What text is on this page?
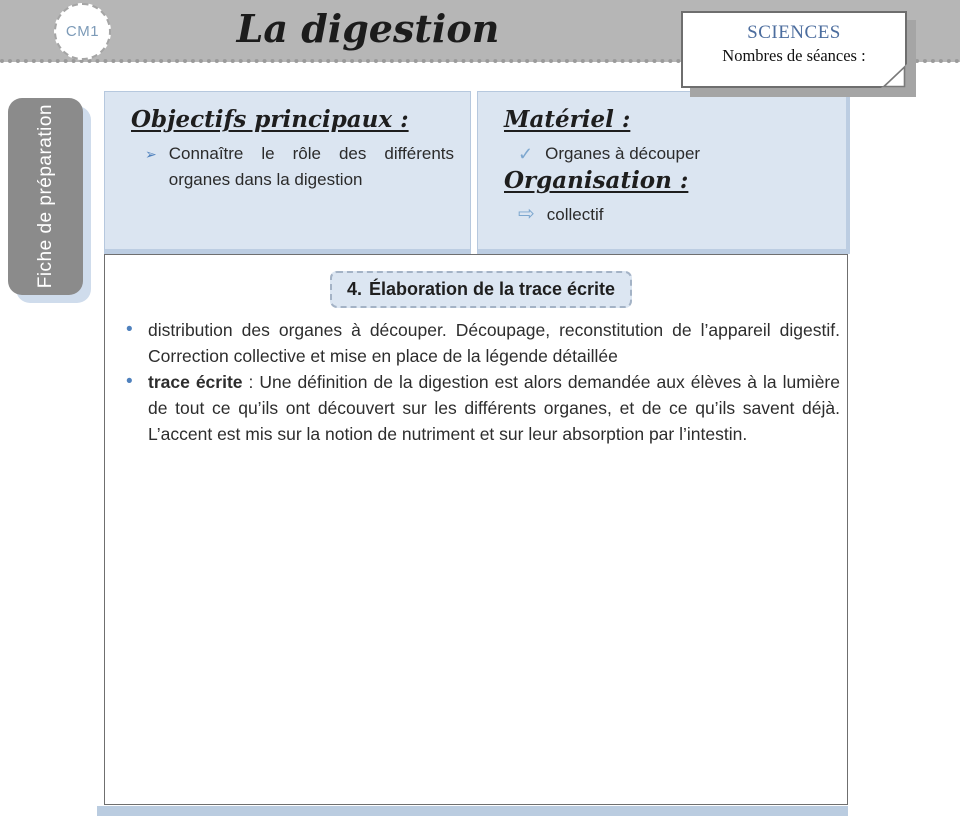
CM1	La digestion	SCIENCES
Nombres de séances :
Fiche de préparation	Objectifs principaux :
➢ Connaître le rôle des différents organes dans la digestion
Matériel :
✓ Organes à découper
Organisation :
⇨ collectif
4. Élaboration de la trace écrite
• distribution des organes à découper. Découpage, reconstitution de l’appareil digestif. Correction collective et mise en place de la légende détaillée
• trace écrite : Une définition de la digestion est alors demandée aux élèves à la lumière de tout ce qu’ils ont découvert sur les différents organes, et de ce qu’ils savent déjà. L’accent est mis sur la notion de nutriment et sur leur absorption par l’intestin.
